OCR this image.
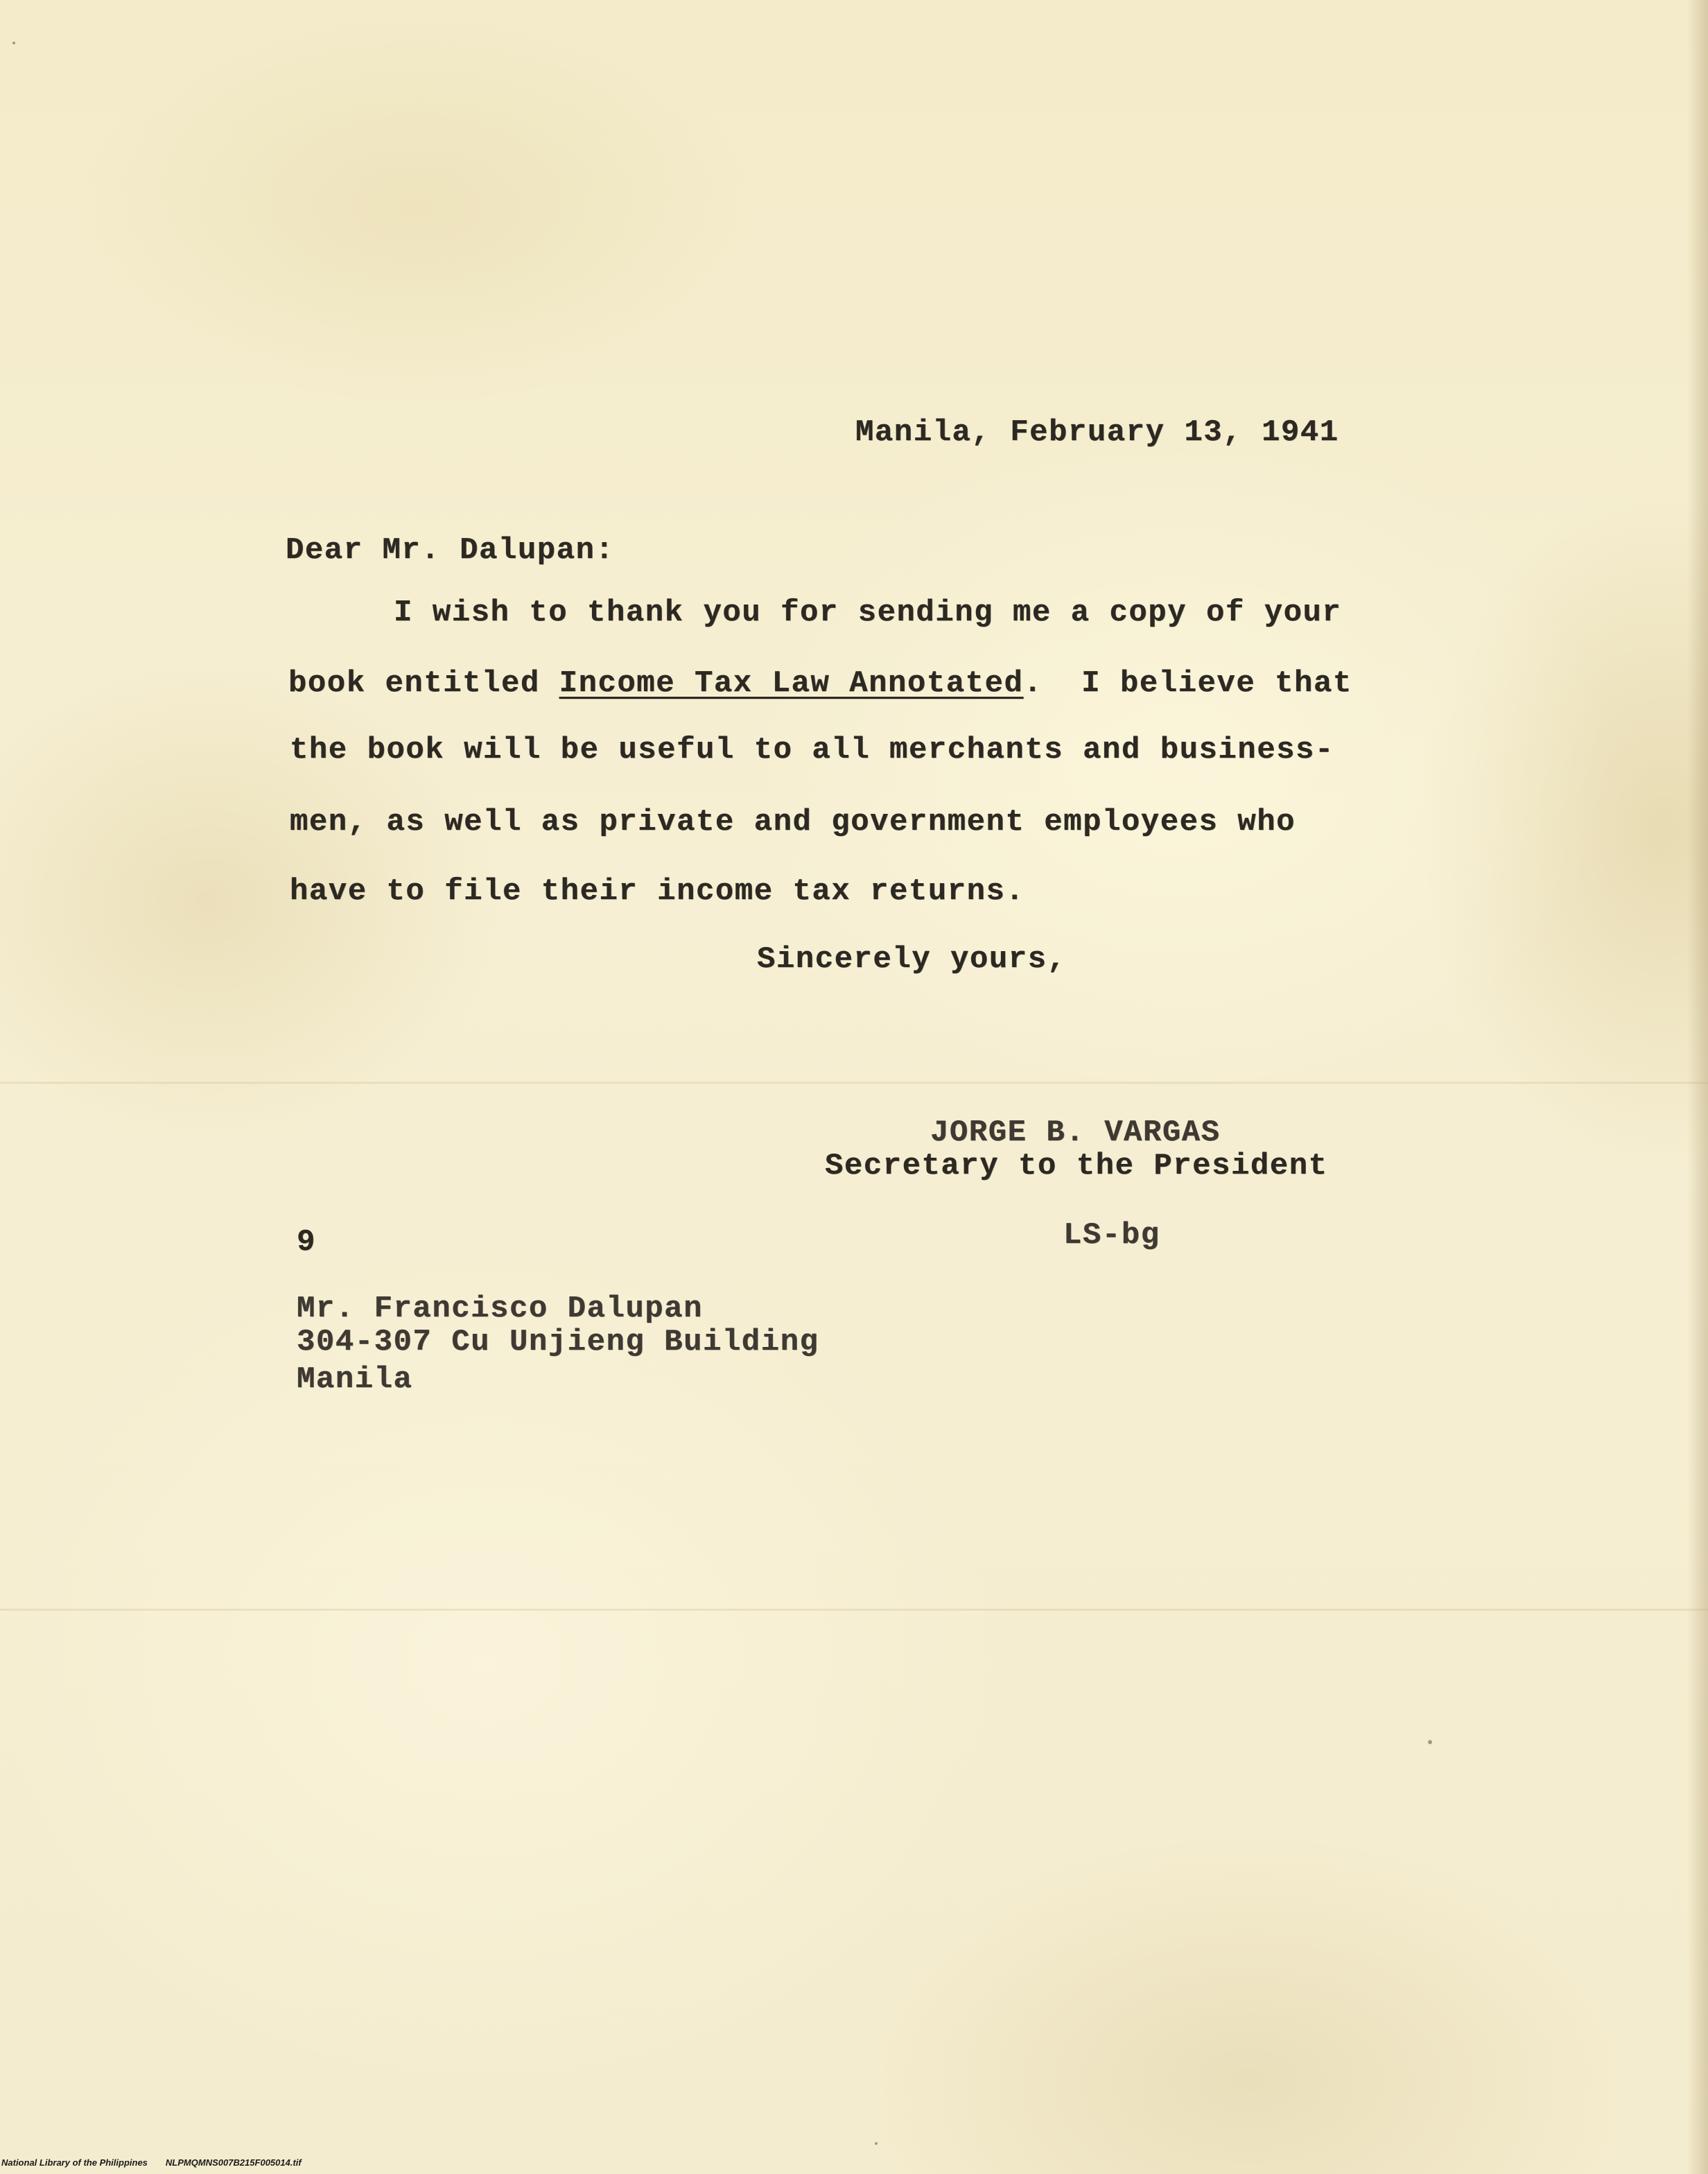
Manila, February 13, 1941

Dear Mr. Dalupan:

I wish to thank you for sending me a copy of your

book entitled Income Tax Law Annotated.  I believe that

the book will be useful to all merchants and business-

men, as well as private and government employees who

have to file their income tax returns.

Sincerely yours,

JORGE B. VARGAS

Secretary to the President

9	LS-bg

Mr. Francisco Dalupan

304-307 Cu Unjieng Building

Manila

National Library of the Philippines NLPMQMNS007B215F005014.tif
